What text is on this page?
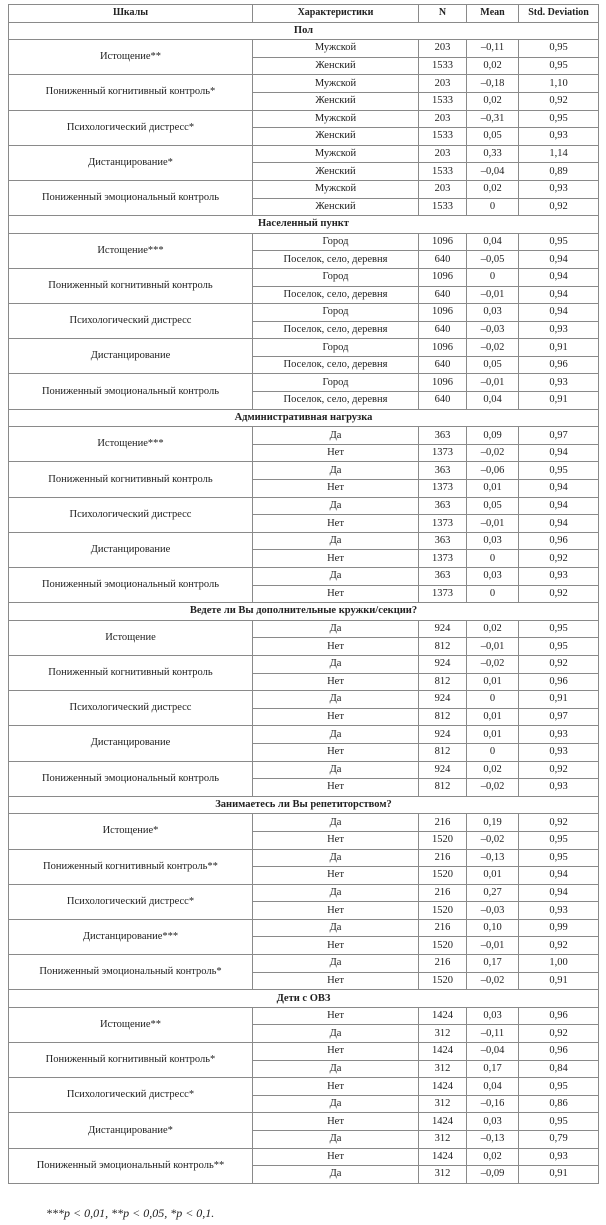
Шкалы	Характеристики	N	Mean	Std. Deviation
Пол				
Истощение**	Мужской	203	–0,11	0,95
	Женский	1533	0,02	0,95
Пониженный когнитивный контроль*	Мужской	203	–0,18	1,10
	Женский	1533	0,02	0,92
Психологический дистресс*	Мужской	203	–0,31	0,95
	Женский	1533	0,05	0,93
Дистанцирование*	Мужской	203	0,33	1,14
	Женский	1533	–0,04	0,89
Пониженный эмоциональный контроль	Мужской	203	0,02	0,93
	Женский	1533	0	0,92
Населенный пункт				
Истощение***	Город	1096	0,04	0,95
	Поселок, село, деревня	640	–0,05	0,94
Пониженный когнитивный контроль	Город	1096	0	0,94
	Поселок, село, деревня	640	–0,01	0,94
Психологический дистресс	Город	1096	0,03	0,94
	Поселок, село, деревня	640	–0,03	0,93
Дистанцирование	Город	1096	–0,02	0,91
	Поселок, село, деревня	640	0,05	0,96
Пониженный эмоциональный контроль	Город	1096	–0,01	0,93
	Поселок, село, деревня	640	0,04	0,91
Административная нагрузка				
Истощение***	Да	363	0,09	0,97
	Нет	1373	–0,02	0,94
Пониженный когнитивный контроль	Да	363	–0,06	0,95
	Нет	1373	0,01	0,94
Психологический дистресс	Да	363	0,05	0,94
	Нет	1373	–0,01	0,94
Дистанцирование	Да	363	0,03	0,96
	Нет	1373	0	0,92
Пониженный эмоциональный контроль	Да	363	0,03	0,93
	Нет	1373	0	0,92
Ведете ли Вы дополнительные кружки/секции?				
Истощение	Да	924	0,02	0,95
	Нет	812	–0,01	0,95
Пониженный когнитивный контроль	Да	924	–0,02	0,92
	Нет	812	0,01	0,96
Психологический дистресс	Да	924	0	0,91
	Нет	812	0,01	0,97
Дистанцирование	Да	924	0,01	0,93
	Нет	812	0	0,93
Пониженный эмоциональный контроль	Да	924	0,02	0,92
	Нет	812	–0,02	0,93
Занимаетесь ли Вы репетиторством?				
Истощение*	Да	216	0,19	0,92
	Нет	1520	–0,02	0,95
Пониженный когнитивный контроль**	Да	216	–0,13	0,95
	Нет	1520	0,01	0,94
Психологический дистресс*	Да	216	0,27	0,94
	Нет	1520	–0,03	0,93
Дистанцирование***	Да	216	0,10	0,99
	Нет	1520	–0,01	0,92
Пониженный эмоциональный контроль*	Да	216	0,17	1,00
	Нет	1520	–0,02	0,91
Дети с ОВЗ				
Истощение**	Нет	1424	0,03	0,96
	Да	312	–0,11	0,92
Пониженный когнитивный контроль*	Нет	1424	–0,04	0,96
	Да	312	0,17	0,84
Психологический дистресс*	Нет	1424	0,04	0,95
	Да	312	–0,16	0,86
Дистанцирование*	Нет	1424	0,03	0,95
	Да	312	–0,13	0,79
Пониженный эмоциональный контроль**	Нет	1424	0,02	0,93
	Да	312	–0,09	0,91
***p < 0,01, **p < 0,05, *p < 0,1.
